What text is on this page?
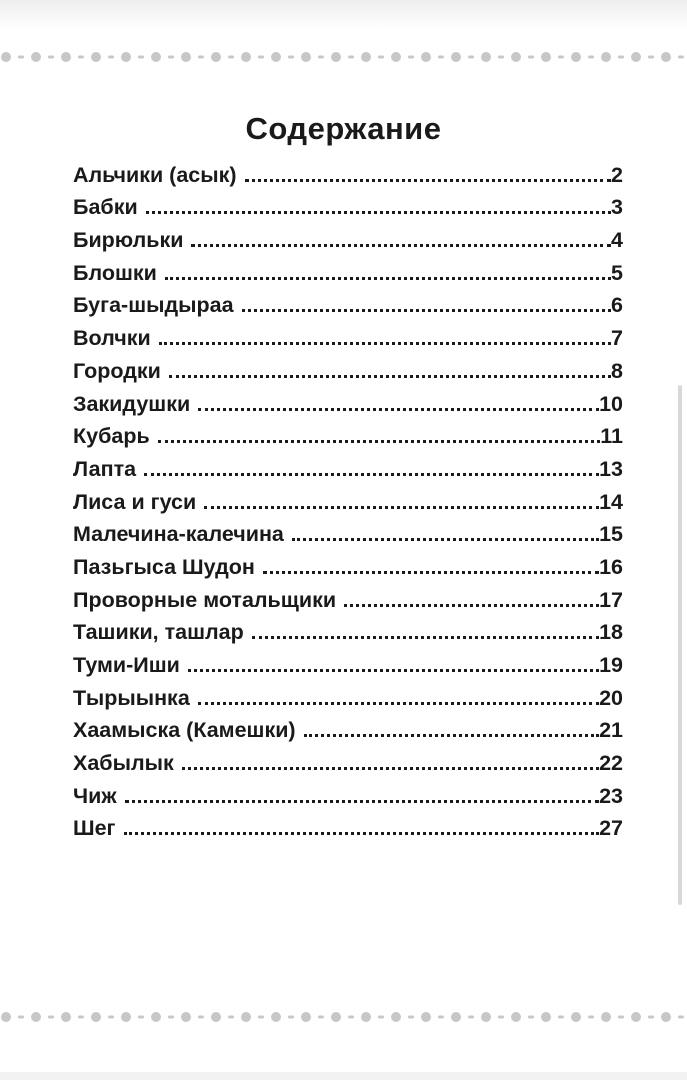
Содержание
Альчики (асык)	2
Бабки	3
Бирюльки	4
Блошки	5
Буга-шыдыраа	6
Волчки	7
Городки	8
Закидушки	10
Кубарь	11
Лапта	13
Лиса и гуси	14
Малечина-калечина	15
Пазьгыса Шудон	16
Проворные мотальщики	17
Ташики, ташлар	18
Туми-Иши	19
Тырыынка	20
Хаамыска (Камешки)	21
Хабылык	22
Чиж	23
Шег	27
